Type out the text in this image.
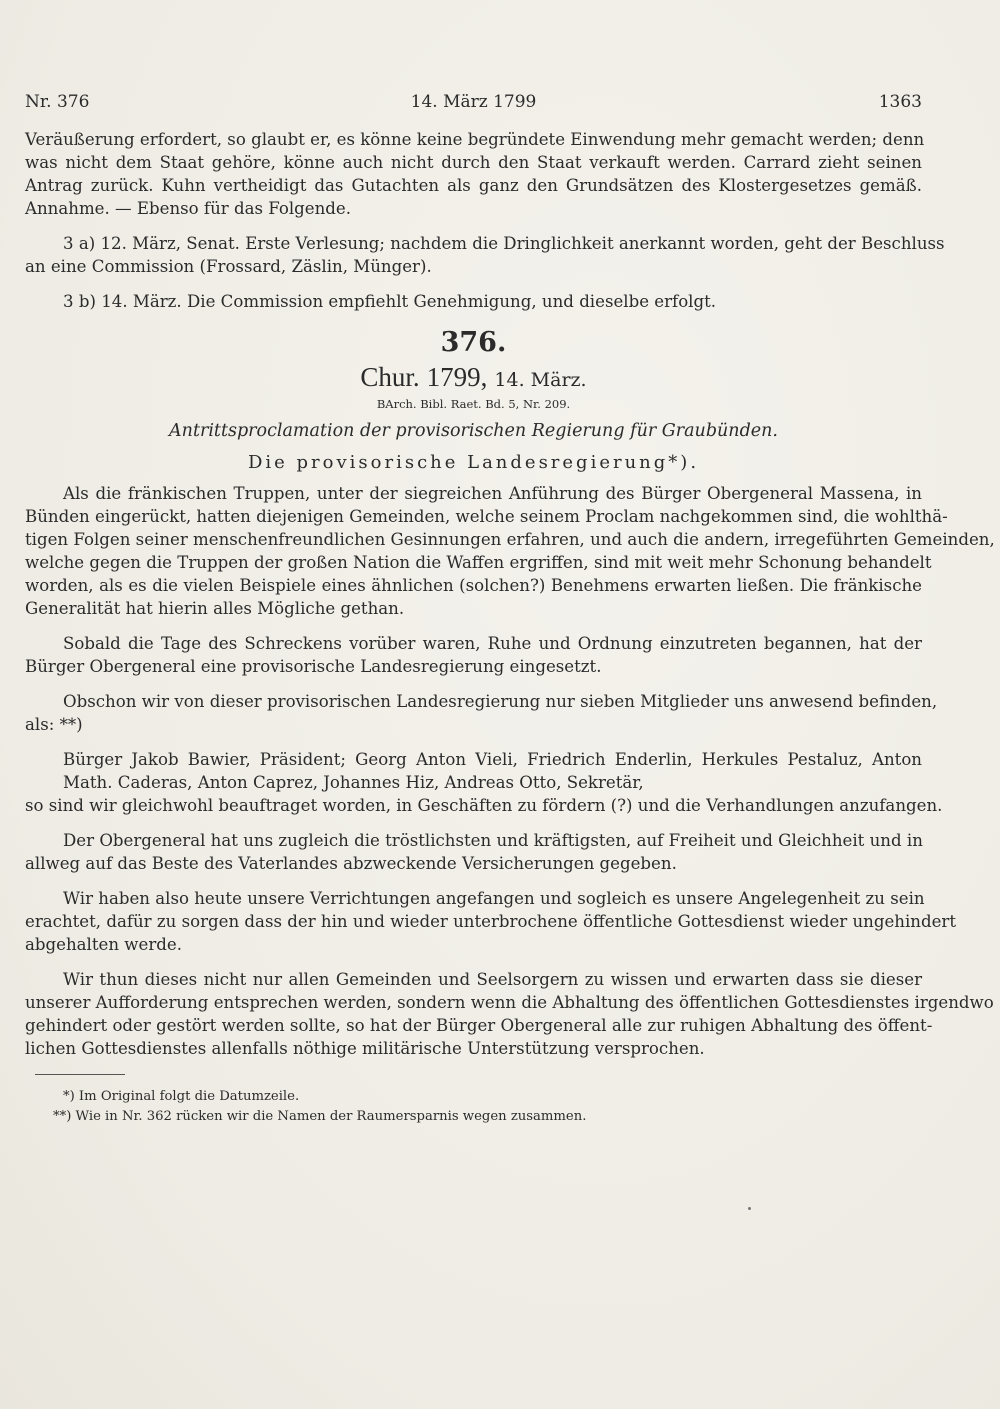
Nr. 376	14. März 1799	1363
Veräußerung erfordert, so glaubt er, es könne keine begründete Einwendung mehr gemacht werden; denn
was nicht dem Staat gehöre, könne auch nicht durch den Staat verkauft werden. Carrard zieht seinen
Antrag zurück. Kuhn vertheidigt das Gutachten als ganz den Grundsätzen des Klostergesetzes gemäß.
Annahme. — Ebenso für das Folgende.
3 a) 12. März, Senat. Erste Verlesung; nachdem die Dringlichkeit anerkannt worden, geht der Beschluss
an eine Commission (Frossard, Zäslin, Münger).
3 b) 14. März. Die Commission empfiehlt Genehmigung, und dieselbe erfolgt.
376.
Chur. 1799, 14. März.
BArch. Bibl. Raet. Bd. 5, Nr. 209.
Antrittsproclamation der provisorischen Regierung für Graubünden.
Die provisorische Landesregierung*).
Als die fränkischen Truppen, unter der siegreichen Anführung des Bürger Obergeneral Massena, in
Bünden eingerückt, hatten diejenigen Gemeinden, welche seinem Proclam nachgekommen sind, die wohlthä-
tigen Folgen seiner menschenfreundlichen Gesinnungen erfahren, und auch die andern, irregeführten Gemeinden,
welche gegen die Truppen der großen Nation die Waffen ergriffen, sind mit weit mehr Schonung behandelt
worden, als es die vielen Beispiele eines ähnlichen (solchen?) Benehmens erwarten ließen. Die fränkische
Generalität hat hierin alles Mögliche gethan.
Sobald die Tage des Schreckens vorüber waren, Ruhe und Ordnung einzutreten begannen, hat der
Bürger Obergeneral eine provisorische Landesregierung eingesetzt.
Obschon wir von dieser provisorischen Landesregierung nur sieben Mitglieder uns anwesend befinden,
als: **)
Bürger Jakob Bawier, Präsident; Georg Anton Vieli, Friedrich Enderlin, Herkules Pestaluz, Anton
Math. Caderas, Anton Caprez, Johannes Hiz, Andreas Otto, Sekretär,
so sind wir gleichwohl beauftraget worden, in Geschäften zu fördern (?) und die Verhandlungen anzufangen.
Der Obergeneral hat uns zugleich die tröstlichsten und kräftigsten, auf Freiheit und Gleichheit und in
allweg auf das Beste des Vaterlandes abzweckende Versicherungen gegeben.
Wir haben also heute unsere Verrichtungen angefangen und sogleich es unsere Angelegenheit zu sein
erachtet, dafür zu sorgen dass der hin und wieder unterbrochene öffentliche Gottesdienst wieder ungehindert
abgehalten werde.
Wir thun dieses nicht nur allen Gemeinden und Seelsorgern zu wissen und erwarten dass sie dieser
unserer Aufforderung entsprechen werden, sondern wenn die Abhaltung des öffentlichen Gottesdienstes irgendwo
gehindert oder gestört werden sollte, so hat der Bürger Obergeneral alle zur ruhigen Abhaltung des öffent-
lichen Gottesdienstes allenfalls nöthige militärische Unterstützung versprochen.
*) Im Original folgt die Datumzeile.
**) Wie in Nr. 362 rücken wir die Namen der Raumersparnis wegen zusammen.
